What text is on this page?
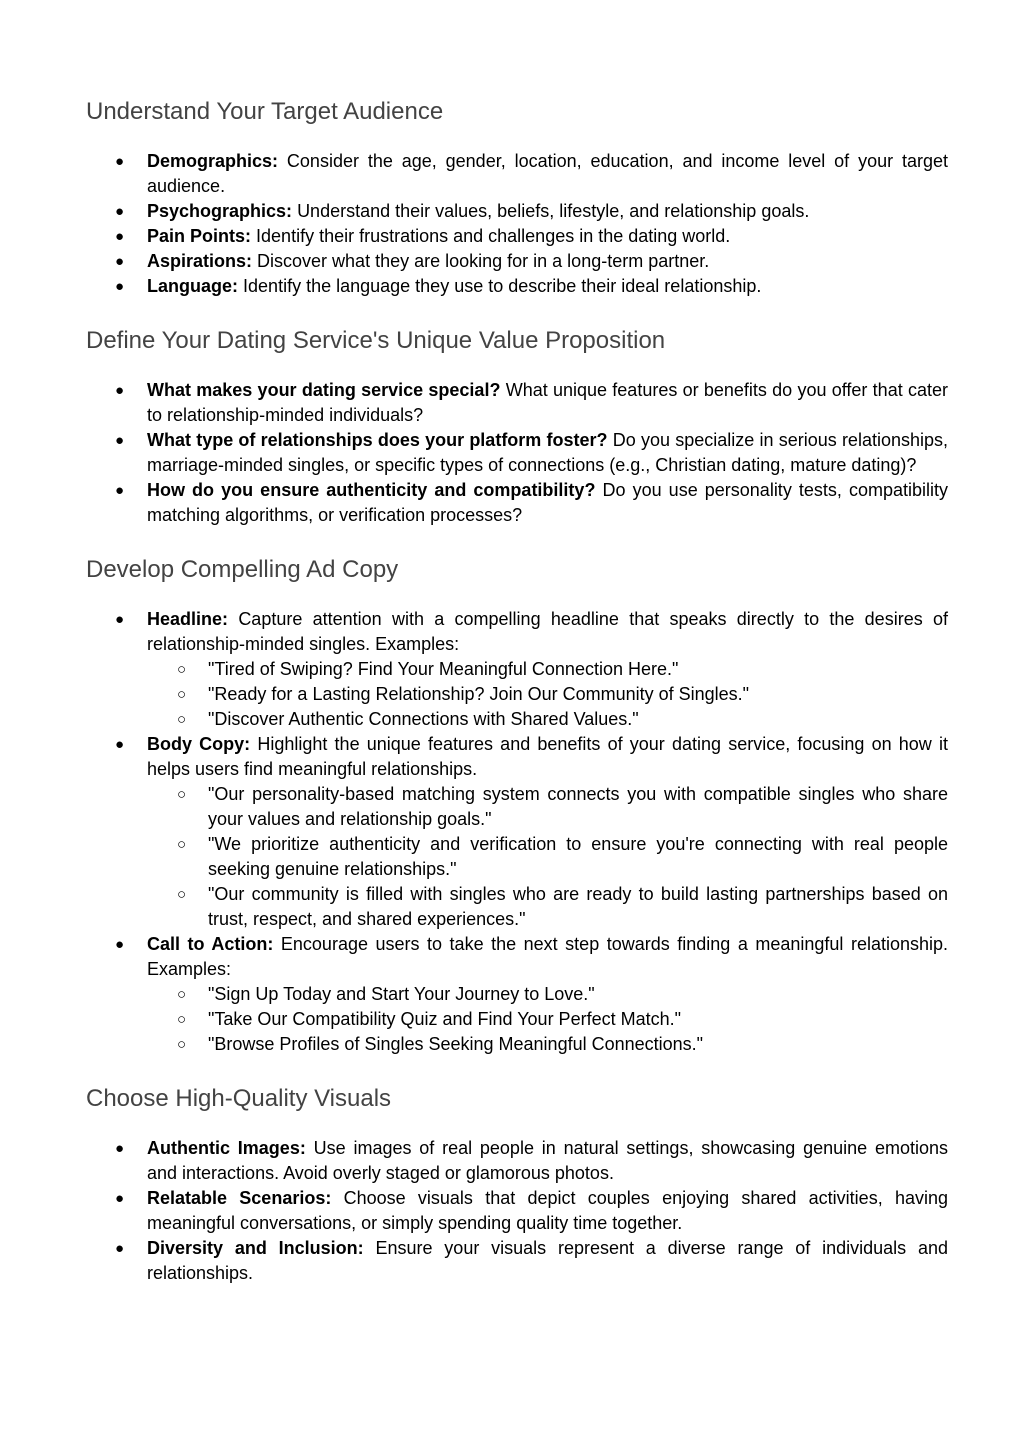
Understand Your Target Audience
● Demographics: Consider the age, gender, location, education, and income level of your target audience.
● Psychographics: Understand their values, beliefs, lifestyle, and relationship goals.
● Pain Points: Identify their frustrations and challenges in the dating world.
● Aspirations: Discover what they are looking for in a long-term partner.
● Language: Identify the language they use to describe their ideal relationship.
Define Your Dating Service's Unique Value Proposition
● What makes your dating service special? What unique features or benefits do you offer that cater to relationship-minded individuals?
● What type of relationships does your platform foster? Do you specialize in serious relationships, marriage-minded singles, or specific types of connections (e.g., Christian dating, mature dating)?
● How do you ensure authenticity and compatibility? Do you use personality tests, compatibility matching algorithms, or verification processes?
Develop Compelling Ad Copy
● Headline: Capture attention with a compelling headline that speaks directly to the desires of relationship-minded singles. Examples:
○ "Tired of Swiping? Find Your Meaningful Connection Here."
○ "Ready for a Lasting Relationship? Join Our Community of Singles."
○ "Discover Authentic Connections with Shared Values."
● Body Copy: Highlight the unique features and benefits of your dating service, focusing on how it helps users find meaningful relationships.
○ "Our personality-based matching system connects you with compatible singles who share your values and relationship goals."
○ "We prioritize authenticity and verification to ensure you're connecting with real people seeking genuine relationships."
○ "Our community is filled with singles who are ready to build lasting partnerships based on trust, respect, and shared experiences."
● Call to Action: Encourage users to take the next step towards finding a meaningful relationship. Examples:
○ "Sign Up Today and Start Your Journey to Love."
○ "Take Our Compatibility Quiz and Find Your Perfect Match."
○ "Browse Profiles of Singles Seeking Meaningful Connections."
Choose High-Quality Visuals
● Authentic Images: Use images of real people in natural settings, showcasing genuine emotions and interactions. Avoid overly staged or glamorous photos.
● Relatable Scenarios: Choose visuals that depict couples enjoying shared activities, having meaningful conversations, or simply spending quality time together.
● Diversity and Inclusion: Ensure your visuals represent a diverse range of individuals and relationships.
